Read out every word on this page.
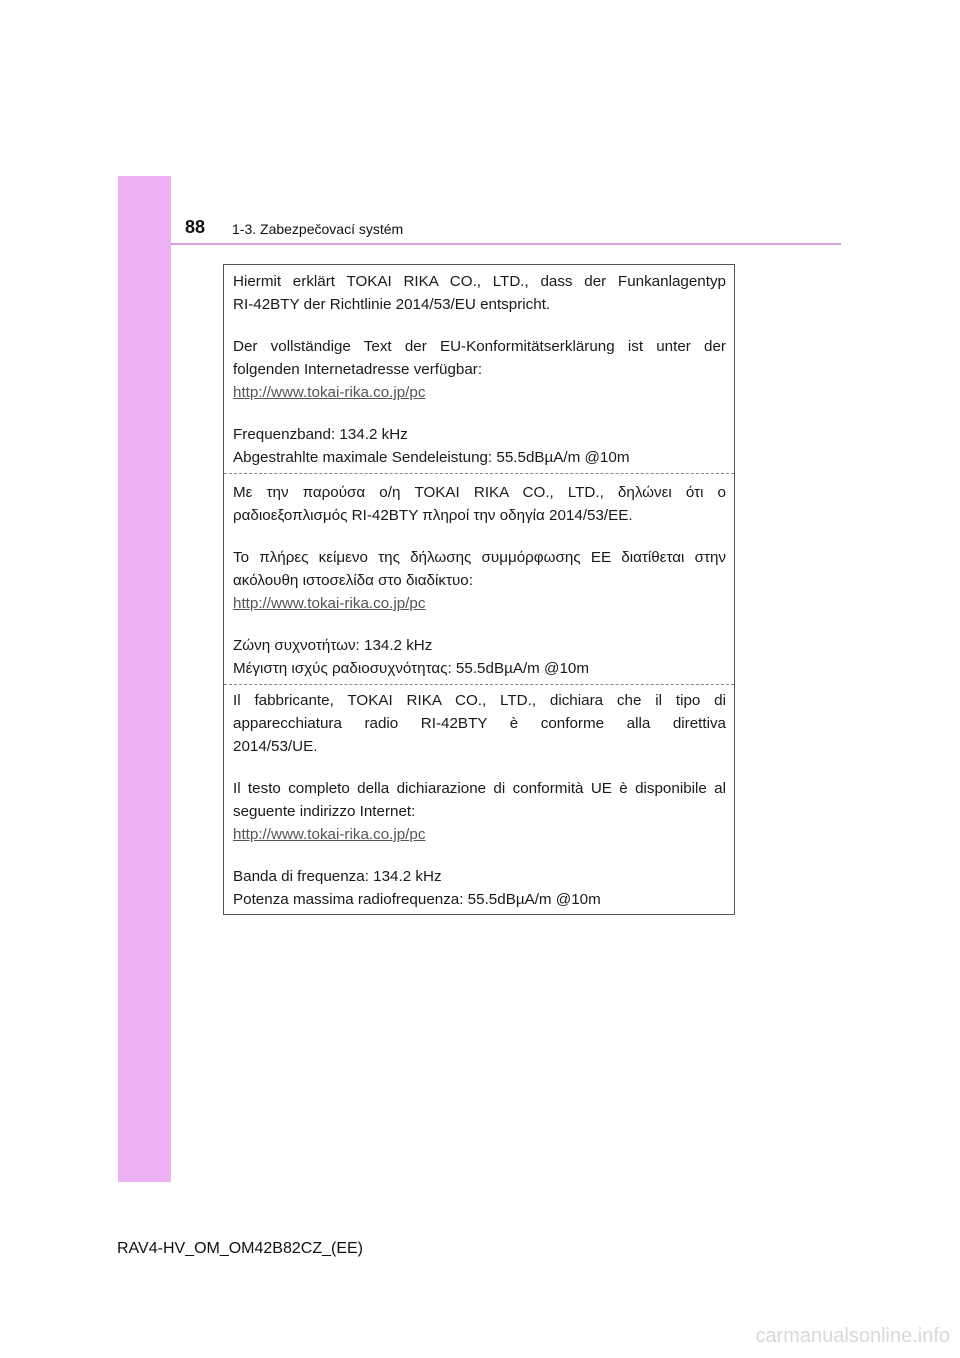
88 1-3. Zabezpečovací systém
Hiermit erklärt TOKAI RIKA CO., LTD., dass der Funkanlagentyp
RI-42BTY der Richtlinie 2014/53/EU entspricht.
Der vollständige Text der EU-Konformitätserklärung ist unter der
folgenden Internetadresse verfügbar:
http://www.tokai-rika.co.jp/pc
Frequenzband: 134.2 kHz
Abgestrahlte maximale Sendeleistung: 55.5dBµA/m @10m
Με την παρούσα ο/η TOKAI RIKA CO., LTD., δηλώνει ότι ο
ραδιοεξοπλισμός RI-42BTY πληροί την οδηγία 2014/53/ΕΕ.
Το πλήρες κείμενο της δήλωσης συμμόρφωσης ΕΕ διατίθεται στην
ακόλουθη ιστοσελίδα στο διαδίκτυο:
http://www.tokai-rika.co.jp/pc
Ζώνη συχνοτήτων: 134.2 kHz
Μέγιστη ισχύς ραδιοσυχνότητας: 55.5dBµA/m @10m
Il fabbricante, TOKAI RIKA CO., LTD., dichiara che il tipo di
apparecchiatura radio RI-42BTY è conforme alla direttiva
2014/53/UE.
Il testo completo della dichiarazione di conformità UE è disponibile al
seguente indirizzo Internet:
http://www.tokai-rika.co.jp/pc
Banda di frequenza: 134.2 kHz
Potenza massima radiofrequenza: 55.5dBµA/m @10m
RAV4-HV_OM_OM42B82CZ_(EE)
carmanualsonline.info
